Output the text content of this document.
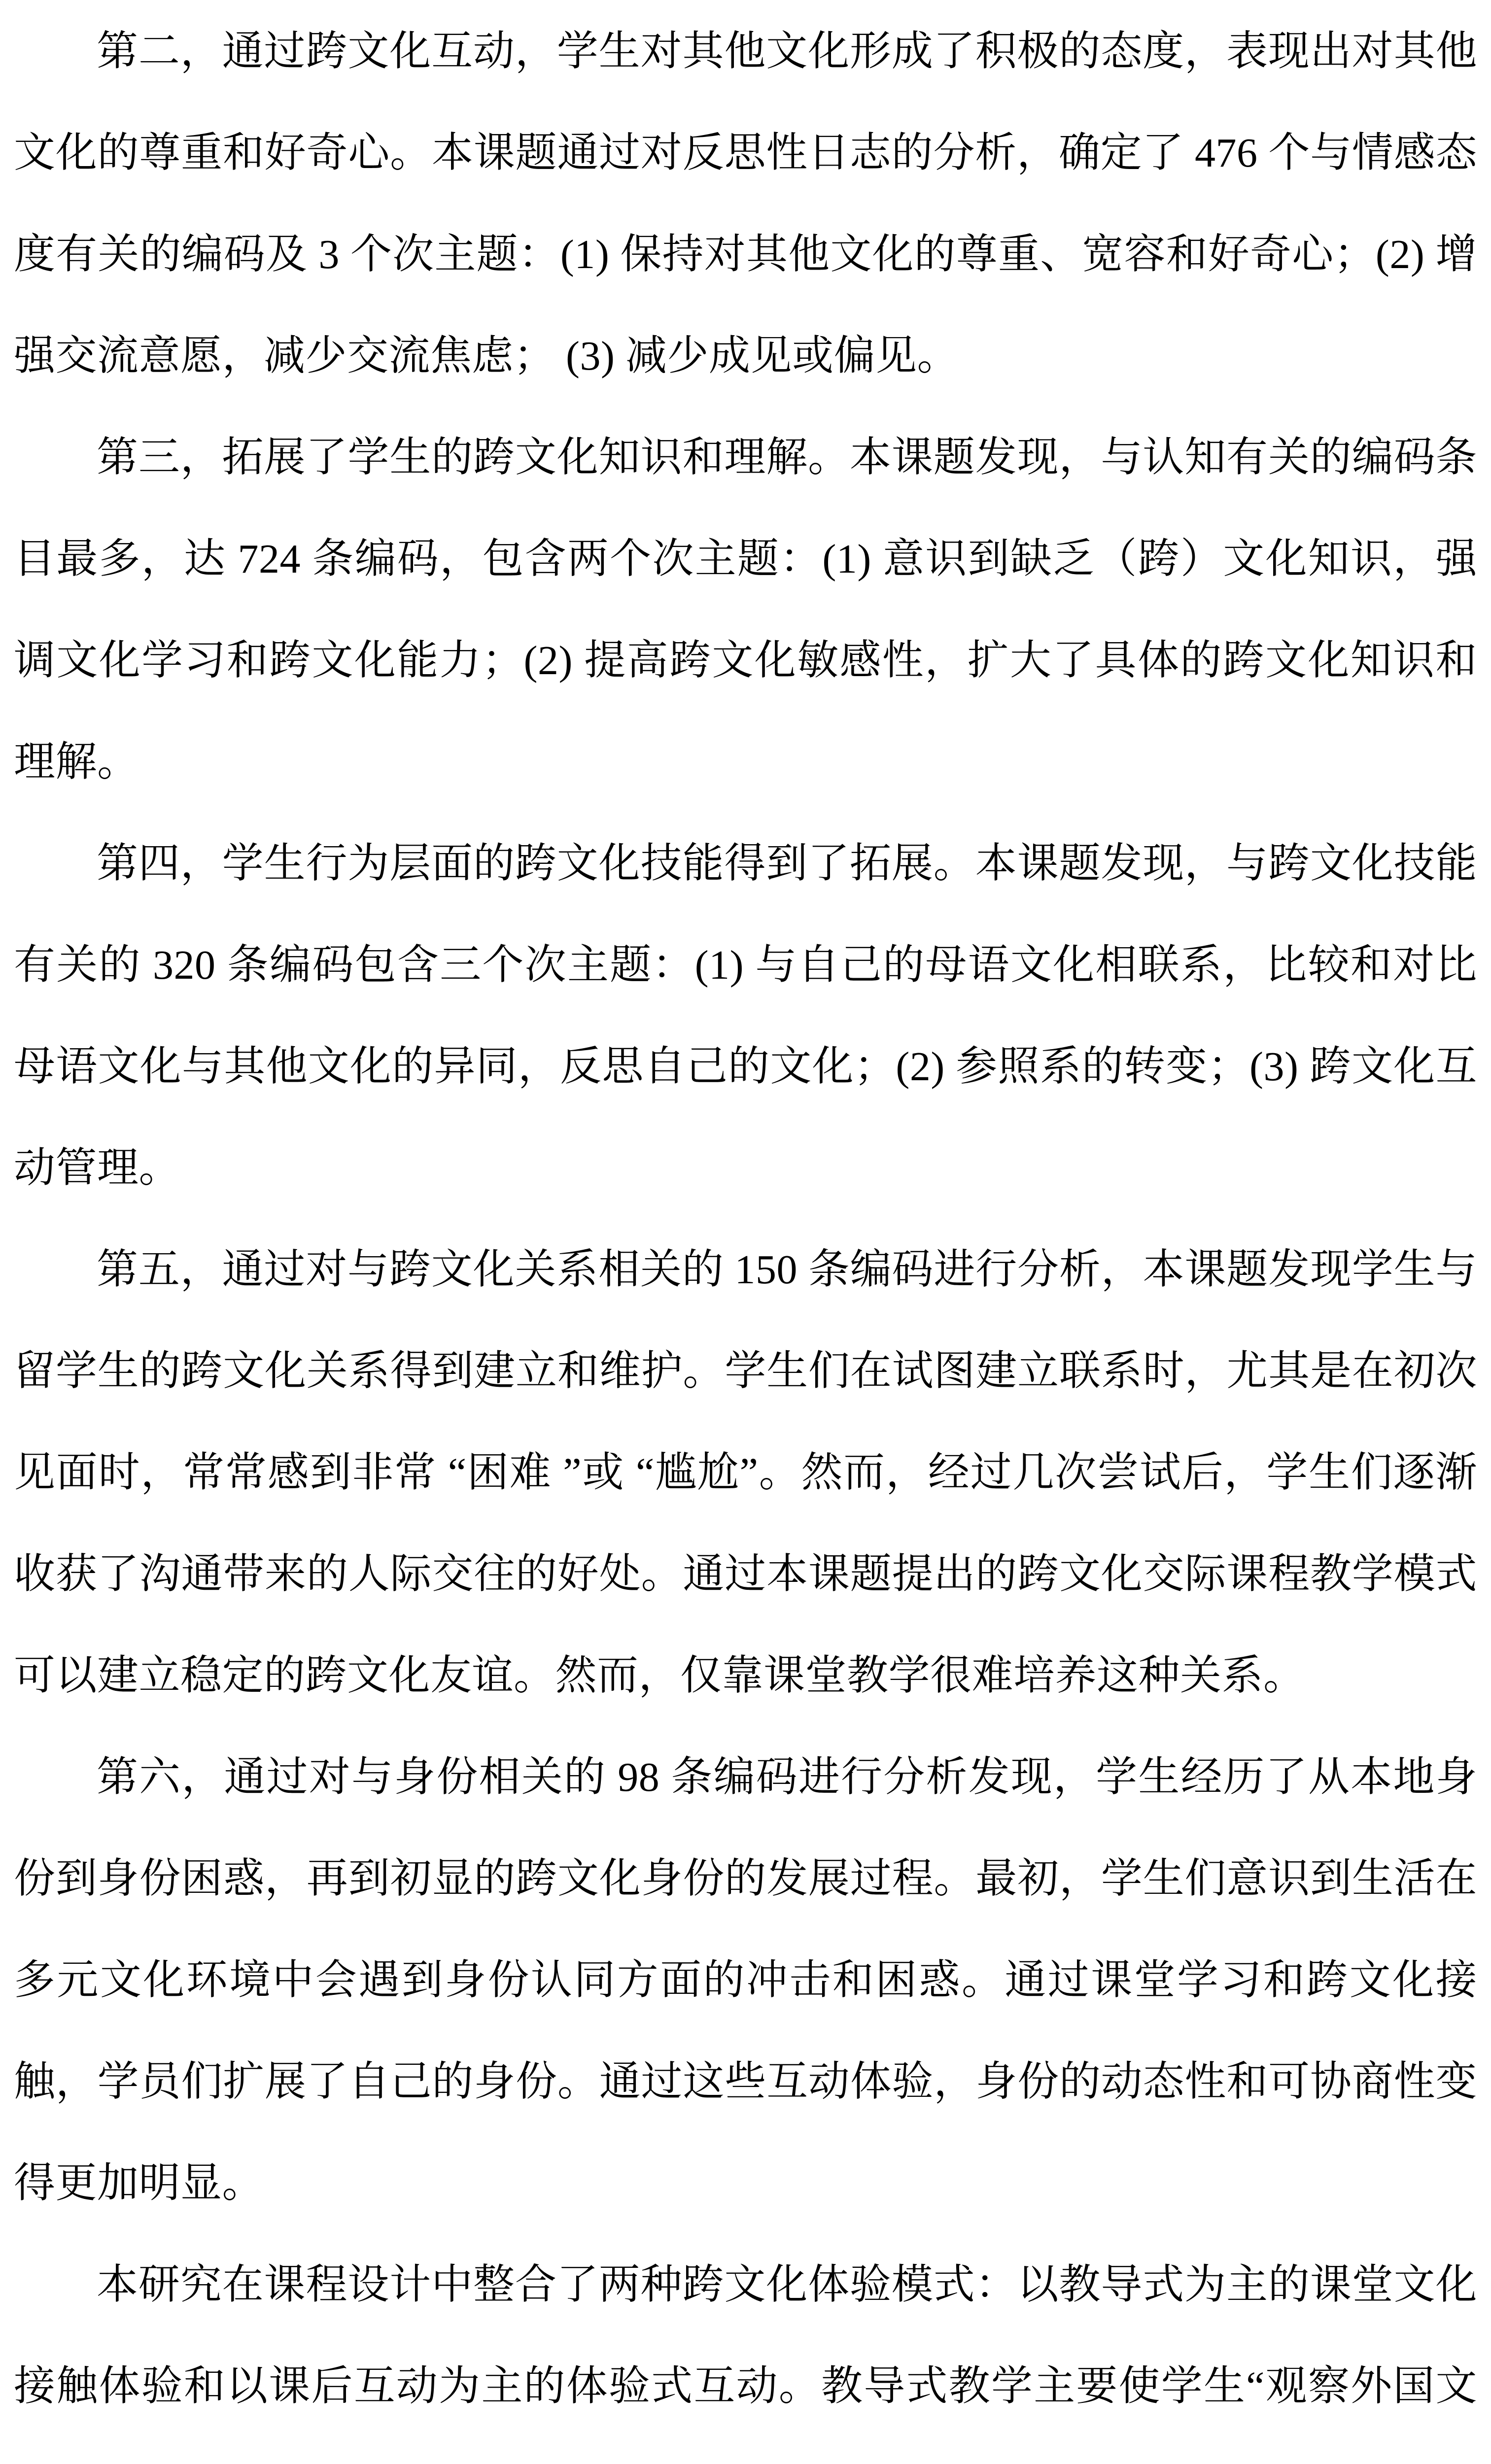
第二，通过跨文化互动，学生对其他文化形成了积极的态度，表现出对其他文化的尊重和好奇心。本课题通过对反思性日志的分析，确定了 476 个与情感态度有关的编码及 3 个次主题：(1) 保持对其他文化的尊重、宽容和好奇心；(2) 增强交流意愿，减少交流焦虑； (3) 减少成见或偏见。

第三，拓展了学生的跨文化知识和理解。本课题发现，与认知有关的编码条目最多，达 724 条编码，包含两个次主题：(1) 意识到缺乏（跨）文化知识，强调文化学习和跨文化能力；(2) 提高跨文化敏感性，扩大了具体的跨文化知识和理解。

第四，学生行为层面的跨文化技能得到了拓展。本课题发现，与跨文化技能有关的 320 条编码包含三个次主题：(1) 与自己的母语文化相联系，比较和对比母语文化与其他文化的异同，反思自己的文化；(2) 参照系的转变；(3) 跨文化互动管理。

第五，通过对与跨文化关系相关的 150 条编码进行分析，本课题发现学生与留学生的跨文化关系得到建立和维护。学生们在试图建立联系时，尤其是在初次见面时，常常感到非常 “困难 ”或 “尴尬”。然而，经过几次尝试后，学生们逐渐收获了沟通带来的人际交往的好处。通过本课题提出的跨文化交际课程教学模式可以建立稳定的跨文化友谊。然而，仅靠课堂教学很难培养这种关系。

第六，通过对与身份相关的 98 条编码进行分析发现，学生经历了从本地身份到身份困惑，再到初显的跨文化身份的发展过程。最初，学生们意识到生活在多元文化环境中会遇到身份认同方面的冲击和困惑。通过课堂学习和跨文化接触，学员们扩展了自己的身份。通过这些互动体验，身份的动态性和可协商性变得更加明显。

本研究在课程设计中整合了两种跨文化体验模式：以教导式为主的课堂文化接触体验和以课后互动为主的体验式互动。教导式教学主要使学生“观察外国文
